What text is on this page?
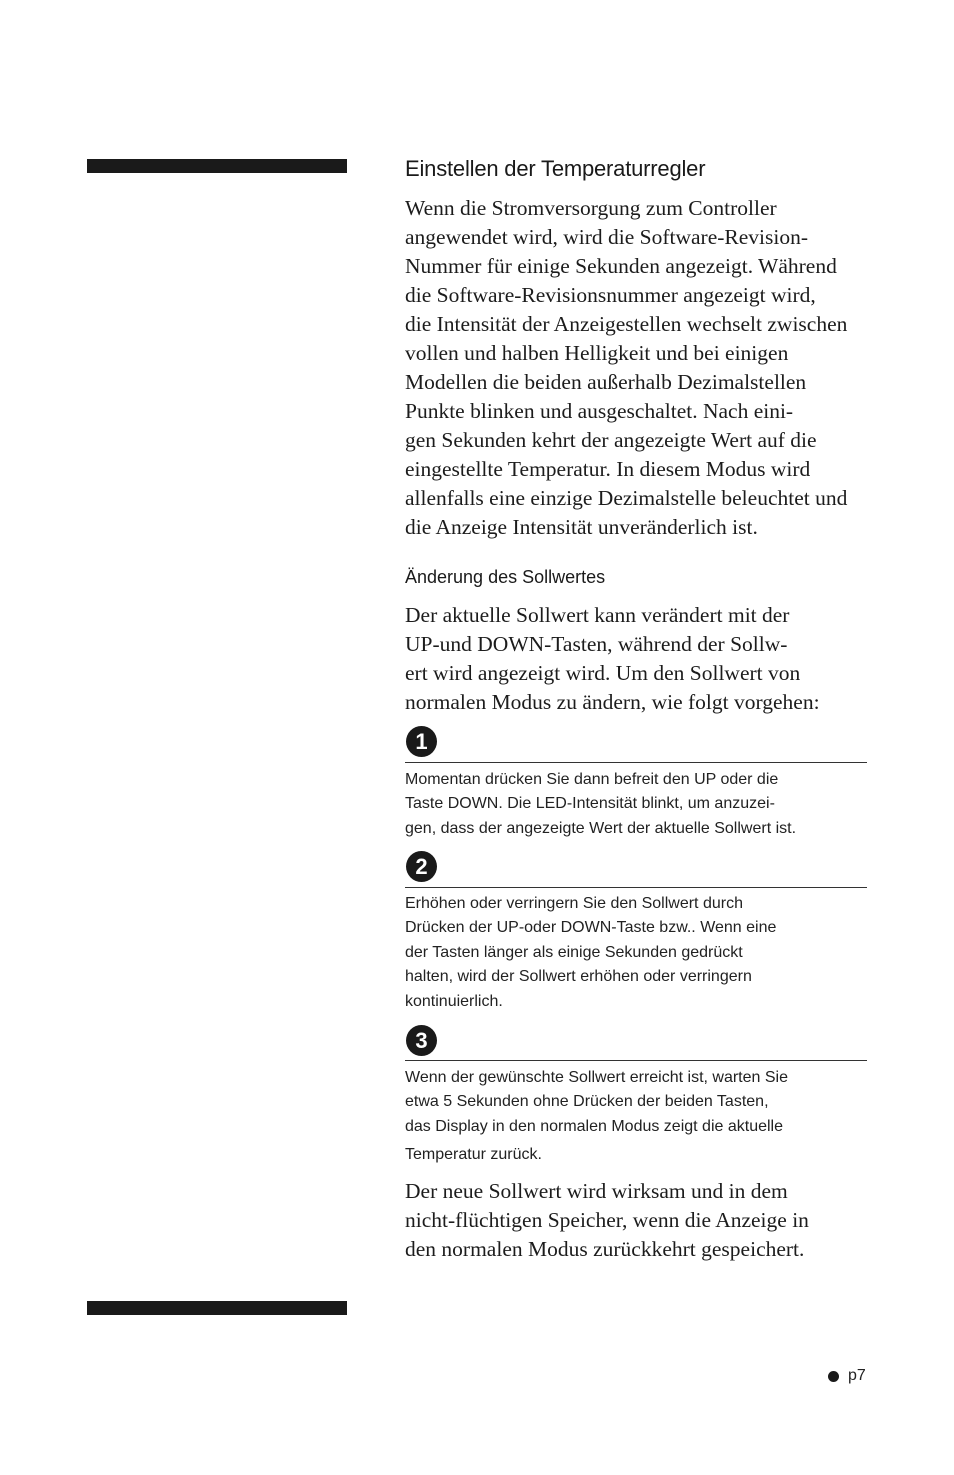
Einstellen der Temperaturregler

Wenn die Stromversorgung zum Controller

angewendet wird, wird die Software-Revision-

Nummer für einige Sekunden angezeigt. Während

die Software-Revisionsnummer angezeigt wird,

die Intensität der Anzeigestellen wechselt zwischen

vollen und halben Helligkeit und bei einigen

Modellen die beiden außerhalb Dezimalstellen

Punkte blinken und ausgeschaltet. Nach eini-

gen Sekunden kehrt der angezeigte Wert auf die

eingestellte Temperatur. In diesem Modus wird

allenfalls eine einzige Dezimalstelle beleuchtet und

die Anzeige Intensität unveränderlich ist.

Änderung des Sollwertes

Der aktuelle Sollwert kann verändert mit der

UP-und DOWN-Tasten, während der Sollw-

ert wird angezeigt wird. Um den Sollwert von

normalen Modus zu ändern, wie folgt vorgehen:

1

Momentan drücken Sie dann befreit den UP oder die
Taste DOWN. Die LED-Intensität blinkt, um anzuzei-
gen, dass der angezeigte Wert der aktuelle Sollwert ist.

2

Erhöhen oder verringern Sie den Sollwert durch
Drücken der UP-oder DOWN-Taste bzw.. Wenn eine
der Tasten länger als einige Sekunden gedrückt
halten, wird der Sollwert erhöhen oder verringern
kontinuierlich.

3

Wenn der gewünschte Sollwert erreicht ist, warten Sie
etwa 5 Sekunden ohne Drücken der beiden Tasten,
das Display in den normalen Modus zeigt die aktuelle
Temperatur zurück.

Der neue Sollwert wird wirksam und in dem

nicht-flüchtigen Speicher, wenn die Anzeige in

den normalen Modus zurückkehrt gespeichert.

p7
